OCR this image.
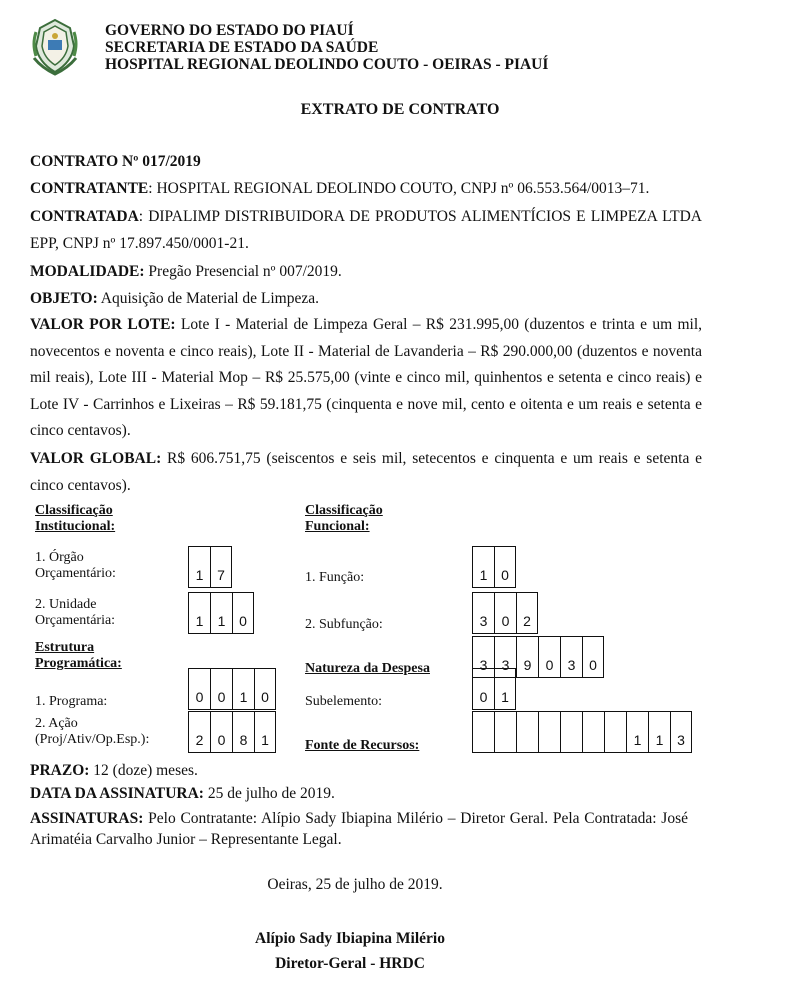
GOVERNO DO ESTADO DO PIAUÍ
SECRETARIA DE ESTADO DA SAÚDE
HOSPITAL REGIONAL DEOLINDO COUTO - OEIRAS - PIAUÍ
EXTRATO DE CONTRATO

CONTRATO Nº 017/2019

CONTRATANTE: HOSPITAL REGIONAL DEOLINDO COUTO, CNPJ nº 06.553.564/0013–71.

CONTRATADA: DIPALIMP DISTRIBUIDORA DE PRODUTOS ALIMENTÍCIOS E LIMPEZA LTDA EPP, CNPJ nº 17.897.450/0001-21.

MODALIDADE: Pregão Presencial nº 007/2019.

OBJETO: Aquisição de Material de Limpeza.

VALOR POR LOTE: Lote I - Material de Limpeza Geral – R$ 231.995,00 (duzentos e trinta e um mil, novecentos e noventa e cinco reais), Lote II - Material de Lavanderia – R$ 290.000,00 (duzentos e noventa mil reais), Lote III - Material Mop – R$ 25.575,00 (vinte e cinco mil, quinhentos e setenta e cinco reais) e Lote IV - Carrinhos e Lixeiras – R$ 59.181,75 (cinquenta e nove mil, cento e oitenta e um reais e setenta e cinco centavos).

VALOR GLOBAL: R$ 606.751,75 (seiscentos e seis mil, setecentos e cinquenta e um reais e setenta e cinco centavos).

Classificação
Institucional:
1. Órgão
Orçamentário:	1 7
2. Unidade
Orçamentária:	1	1 0
Estrutura
Programática:
1. Programa:	0	0	1 0
2. Ação
(Proj/Ativ/Op.Esp.):	2	0	8 1
Classificação
Funcional:
1. Função:	1 0
2. Subfunção:	3	0 2
Natureza da Despesa	3	3	9	0	3 0
Subelemento:	0 1
Fonte de Recursos:	1	1 3
PRAZO: 12 (doze) meses.
DATA DA ASSINATURA: 25 de julho de 2019.
ASSINATURAS: Pelo Contratante: Alípio Sady Ibiapina Milério – Diretor Geral. Pela Contratada: José Arimatéia Carvalho Junior – Representante Legal.
Oeiras, 25 de julho de 2019.
Alípio Sady Ibiapina Milério
Diretor-Geral - HRDC
